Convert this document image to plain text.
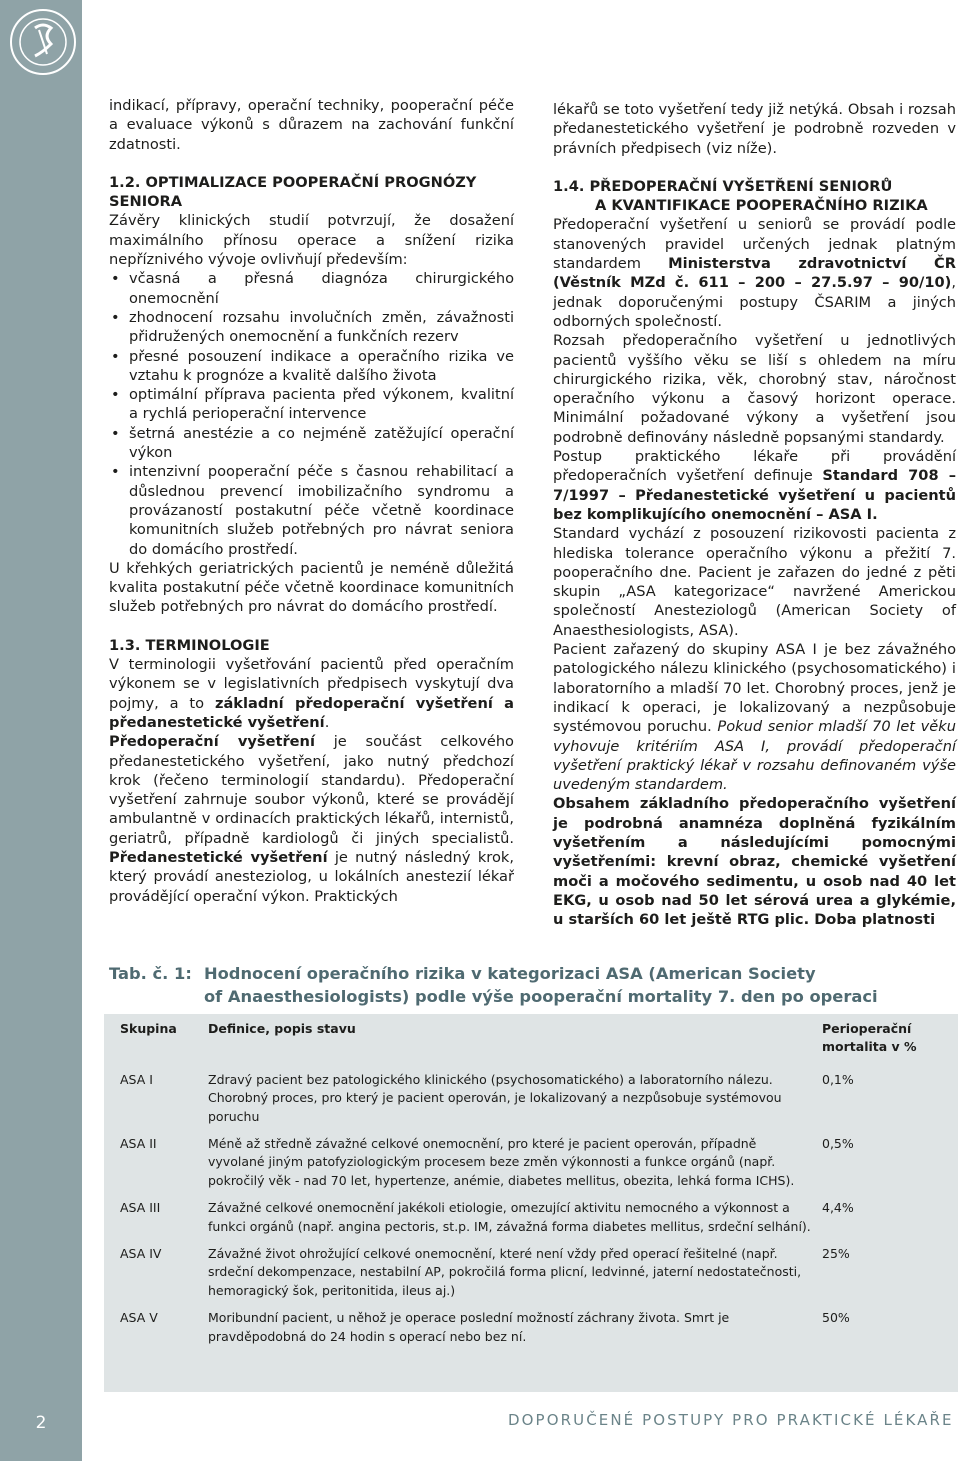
2

indikací, přípravy, operační techniky, pooperační péče a evaluace výkonů s důrazem na zachování funkční zdatnosti.

1.2. OPTIMALIZACE POOPERAČNÍ PROGNÓZY SENIORA

Závěry klinických studií potvrzují, že dosažení maximálního přínosu operace a snížení rizika nepříznivého vývoje ovlivňují především:

• včasná a přesná diagnóza chirurgického onemocnění
• zhodnocení rozsahu involučních změn, závažnosti přidružených onemocnění a funkčních rezerv
• přesné posouzení indikace a operačního rizika ve vztahu k prognóze a kvalitě dalšího života
• optimální příprava pacienta před výkonem, kvalitní a rychlá perioperační intervence
• šetrná anestézie a co nejméně zatěžující operační výkon
• intenzivní pooperační péče s časnou rehabilitací a důslednou prevencí imobilizačního syndromu a provázaností postakutní péče včetně koordinace komunitních služeb potřebných pro návrat seniora do domácího prostředí.

U křehkých geriatrických pacientů je neméně důležitá kvalita postakutní péče včetně koordinace komunitních služeb potřebných pro návrat do domácího prostředí.

1.3. TERMINOLOGIE

V terminologii vyšetřování pacientů před operačním výkonem se v legislativních předpisech vyskytují dva pojmy, a to základní předoperační vyšetření a předanestetické vyšetření.

Předoperační vyšetření je součást celkového předanestetického vyšetření, jako nutný předchozí krok (řečeno terminologií standardu). Předoperační vyšetření zahrnuje soubor výkonů, které se provádějí ambulantně v ordinacích praktických lékařů, internistů, geriatrů, případně kardiologů či jiných specialistů. Předanestetické vyšetření je nutný následný krok, který provádí anesteziolog, u lokálních anestezií lékař provádějící operační výkon. Praktických

lékařů se toto vyšetření tedy již netýká. Obsah i rozsah předanestetického vyšetření je podrobně rozveden v právních předpisech (viz níže).

1.4. PŘEDOPERAČNÍ VYŠETŘENÍ SENIORŮ
A KVANTIFIKACE POOPERAČNÍHO RIZIKA

Předoperační vyšetření u seniorů se provádí podle stanovených pravidel určených jednak platným standardem Ministerstva zdravotnictví ČR (Věstník MZd č. 611 – 200 – 27.5.97 – 90/10), jednak doporučenými postupy ČSARIM a jiných odborných společností.

Rozsah předoperačního vyšetření u jednotlivých pacientů vyššího věku se liší s ohledem na míru chirurgického rizika, věk, chorobný stav, náročnost operačního výkonu a časový horizont operace. Minimální požadované výkony a vyšetření jsou podrobně definovány následně popsanými standardy.

Postup praktického lékaře při provádění předoperačních vyšetření definuje Standard 708 – 7/1997 – Předanestetické vyšetření u pacientů bez komplikujícího onemocnění – ASA I.

Standard vychází z posouzení rizikovosti pacienta z hlediska tolerance operačního výkonu a přežití 7. pooperačního dne. Pacient je zařazen do jedné z pěti skupin „ASA kategorizace“ navržené Americkou společností Anesteziologů (American Society of Anaesthesiologists, ASA).

Pacient zařazený do skupiny ASA I je bez závažného patologického nálezu klinického (psychosomatického) i laboratorního a mladší 70 let. Chorobný proces, jenž je indikací k operaci, je lokalizovaný a nezpůsobuje systémovou poruchu. Pokud senior mladší 70 let věku vyhovuje kritériím ASA I, provádí předoperační vyšetření praktický lékař v rozsahu definovaném výše uvedeným standardem.

Obsahem základního předoperačního vyšetření je podrobná anamnéza doplněná fyzikálním vyšetřením a následujícími pomocnými vyšetřeními: krevní obraz, chemické vyšetření moči a močového sedimentu, u osob nad 40 let EKG, u osob nad 50 let sérová urea a glykémie, u starších 60 let ještě RTG plic. Doba platnosti

Tab. č. 1: Hodnocení operačního rizika v kategorizaci ASA (American Society
of Anaesthesiologists) podle výše pooperační mortality 7. den po operaci
Skupina	Definice, popis stavu	Perioperační mortalita v %
ASA I	Zdravý pacient bez patologického klinického (psychosomatického) a laboratorního nálezu. Chorobný proces, pro který je pacient operován, je lokalizovaný a nezpůsobuje systémovou poruchu	0,1%
ASA II	Méně až středně závažné celkové onemocnění, pro které je pacient operován, případně vyvolané jiným patofyziologickým procesem beze změn výkonnosti a funkce orgánů (např. pokročilý věk - nad 70 let, hypertenze, anémie, diabetes mellitus, obezita, lehká forma ICHS).	0,5%
ASA III	Závažné celkové onemocnění jakékoli etiologie, omezující aktivitu nemocného a výkonnost a funkci orgánů (např. angina pectoris, st.p. IM, závažná forma diabetes mellitus, srdeční selhání).	4,4%
ASA IV	Závažné život ohrožující celkové onemocnění, které není vždy před operací řešitelné (např. srdeční dekompenzace, nestabilní AP, pokročilá forma plicní, ledvinné, jaterní nedostatečnosti, hemoragický šok, peritonitida, ileus aj.)	25%
ASA V	Moribundní pacient, u něhož je operace poslední možností záchrany života. Smrt je pravděpodobná do 24 hodin s operací nebo bez ní.	50%
DOPORUČENÉ POSTUPY PRO PRAKTICKÉ LÉKAŘE
